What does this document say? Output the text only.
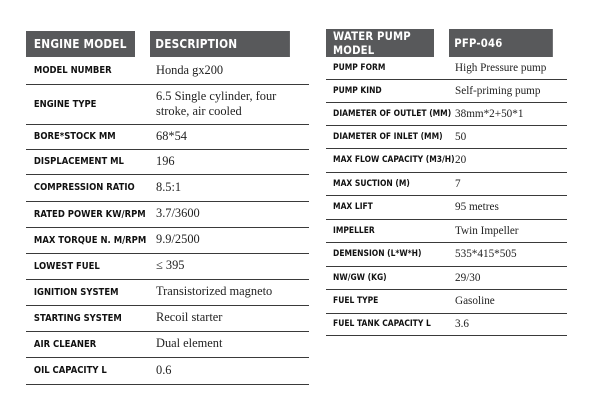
ENGINE MODEL	DESCRIPTION
MODEL NUMBER	Honda gx200
ENGINE TYPE	6.5 Single cylinder, four stroke, air cooled
BORE*STOCK MM	68*54
DISPLACEMENT ML	196
COMPRESSION RATIO	8.5:1
RATED POWER KW/RPM	3.7/3600
MAX TORQUE N. M/RPM	9.9/2500
LOWEST FUEL	≤ 395
IGNITION SYSTEM	Transistorized magneto
STARTING SYSTEM	Recoil starter
AIR CLEANER	Dual element
OIL CAPACITY L	0.6
WATER PUMP MODEL	PFP-046
PUMP FORM	High Pressure pump
PUMP KIND	Self-priming pump
DIAMETER OF OUTLET (MM)	38mm*2+50*1
DIAMETER OF INLET (MM)	50
MAX FLOW CAPACITY (M3/H)	20
MAX SUCTION (M)	7
MAX LIFT	95 metres
IMPELLER	Twin Impeller
DEMENSION (L*W*H)	535*415*505
NW/GW (KG)	29/30
FUEL TYPE	Gasoline
FUEL TANK CAPACITY L	3.6
